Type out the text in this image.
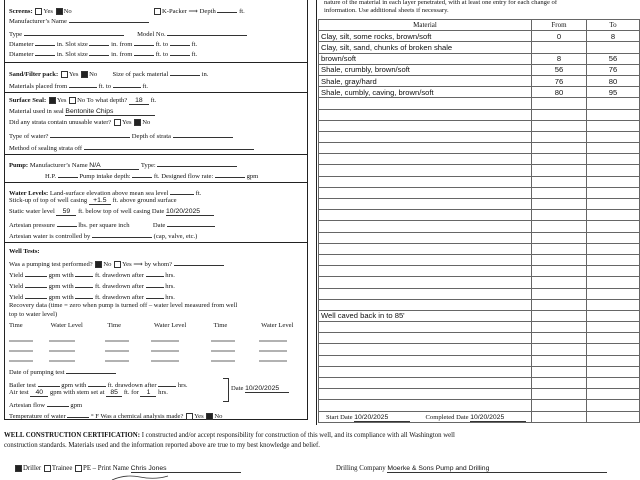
Screens: Yes No	K-Packer ⟹ Depth	ft.
Manufacturer’s Name
Type	Model No.
Diameter	in. Slot size	in. from	ft. to	ft.
Diameter	in. Slot size	in. from	ft. to	ft.
Sand/Filter pack: Yes No Size of pack material	in.
Materials placed from	ft. to	ft.
Surface Seal: Yes No To what depth? 18 ft.
Material used in seal Bentonite Chips
Did any strata contain unusable water? Yes No
Type of water?	Depth of strata
Method of sealing strata off
Pump: Manufacturer’s Name N/A	Type:
H.P.	Pump intake depth:	ft. Designed flow rate:	gpm
Water Levels: Land-surface elevation above mean sea level	ft.
Stick-up of top of well casing +1.5 ft. above ground surface
Static water level 59 ft. below top of well casing Date 10/20/2025
Artesian pressure	lbs. per square inch	Date
Artesian water is controlled by	(cap, valve, etc.)
Well Tests:
Was a pumping test performed? No Yes ⟹ by whom?
Yield	gpm with	ft. drawdown after	hrs.
Yield	gpm with	ft. drawdown after	hrs.
Yield	gpm with	ft. drawdown after	hrs.
Recovery data (time = zero when pump is turned off – water level measured from well
top to water level)
Time	Water Level	Time	Water Level	Time	Water Level
Date of pumping test
Bailer test	gpm with	ft. drawdown after	hrs.
Air test 40 gpm with stem set at 85 ft. for 1 hrs.
Date 10/20/2025
Artesian flow	gpm
Temperature of water	° F Was a chemical analysis made? Yes No
nature of the material in each layer penetrated, with at least one entry for each change of
information. Use additional sheets if necessary.
Material	From	To
Clay, silt, some rocks, brown/soft	0	8
Clay, silt, sand, chunks of broken shale		
brown/soft	8	56
Shale, crumbly, brown/soft	56	76
Shale, gray/hard	76	80
Shale, cumbly, caving, brown/soft	80	95

Well caved back in to 85'		

Start Date 10/20/2025	Completed Date 10/20/2025
WELL CONSTRUCTION CERTIFICATION: I constructed and/or accept responsibility for construction of this well, and its compliance with all Washington well
construction standards. Materials used and the information reported above are true to my best knowledge and belief.
Driller Trainee PE – Print Name Chris Jones	Drilling Company Moerke & Sons Pump and Drilling
